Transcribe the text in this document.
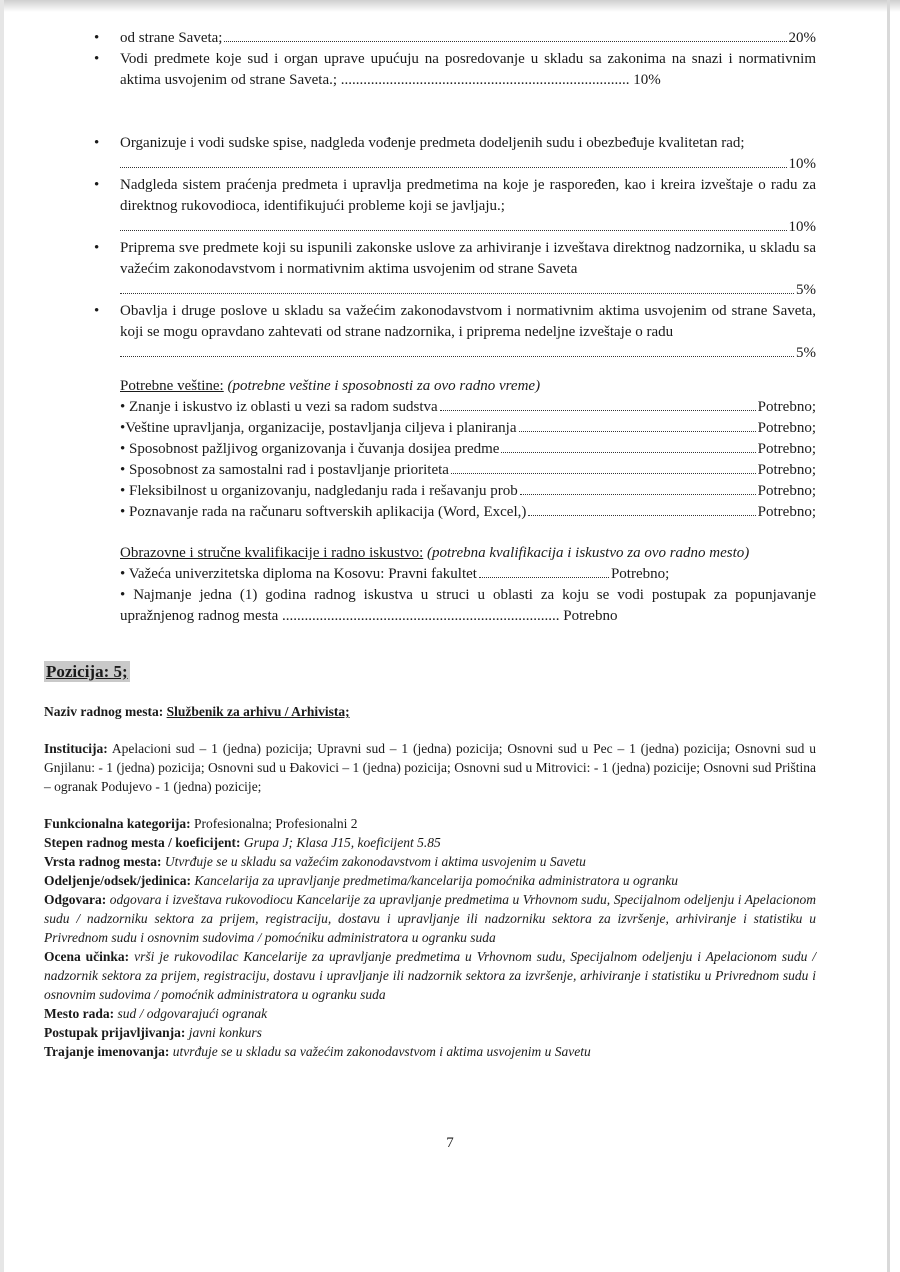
• od strane Saveta;	20%
• Vodi predmete koje sud i organ uprave upućuju na posredovanje u skladu sa zakonima na snazi i normativnim aktima usvojenim od strane Saveta.; ............................................................................. 10%
• Organizuje i vodi sudske spise, nadgleda vođenje predmeta dodeljenih sudu i obezbeđuje kvalitetan rad;
10%
• Nadgleda sistem praćenja predmeta i upravlja predmetima na koje je raspoređen, kao i kreira izveštaje o radu za direktnog rukovodioca, identifikujući probleme koji se javljaju.;
10%
• Priprema sve predmete koji su ispunili zakonske uslove za arhiviranje i izveštava direktnog nadzornika, u skladu sa važećim zakonodavstvom i normativnim aktima usvojenim od strane Saveta
5%
• Obavlja i druge poslove u skladu sa važećim zakonodavstvom i normativnim aktima usvojenim od strane Saveta, koji se mogu opravdano zahtevati od strane nadzornika, i priprema nedeljne izveštaje o radu
5%
Potrebne veštine: (potrebne veštine i sposobnosti za ovo radno vreme)
• Znanje i iskustvo iz oblasti u vezi sa radom sudstva	Potrebno;
•Veštine upravljanja, organizacije, postavljanja ciljeva i planiranja	Potrebno;
• Sposobnost pažljivog organizovanja i čuvanja dosijea predme	Potrebno;
• Sposobnost za samostalni rad i postavljanje prioriteta	Potrebno;
• Fleksibilnost u organizovanju, nadgledanju rada i rešavanju prob	Potrebno;
• Poznavanje rada na računaru softverskih aplikacija (Word, Excel,)	Potrebno;
Obrazovne i stručne kvalifikacije i radno iskustvo: (potrebna kvalifikacija i iskustvo za ovo radno mesto)
• Važeća univerzitetska diploma na Kosovu: Pravni fakultet	Potrebno;
• Najmanje jedna (1) godina radnog iskustva u struci u oblasti za koju se vodi postupak za popunjavanje upražnjenog radnog mesta .......................................................................... Potrebno
Pozicija: 5;
Naziv radnog mesta: Službenik za arhivu / Arhivista;
Institucija: Apelacioni sud – 1 (jedna) pozicija; Upravni sud – 1 (jedna) pozicija; Osnovni sud u Pec – 1 (jedna) pozicija; Osnovni sud u Gnjilanu: - 1 (jedna) pozicija; Osnovni sud u Đakovici – 1 (jedna) pozicija; Osnovni sud u Mitrovici: - 1 (jedna) pozicije; Osnovni sud Priština – ogranak Podujevo - 1 (jedna) pozicije;
Funkcionalna kategorija: Profesionalna; Profesionalni 2
Stepen radnog mesta / koeficijent: Grupa J; Klasa J15, koeficijent 5.85
Vrsta radnog mesta: Utvrđuje se u skladu sa važećim zakonodavstvom i aktima usvojenim u Savetu
Odeljenje/odsek/jedinica: Kancelarija za upravljanje predmetima/kancelarija pomoćnika administratora u ogranku
Odgovara: odgovara i izveštava rukovodiocu Kancelarije za upravljanje predmetima u Vrhovnom sudu, Specijalnom odeljenju i Apelacionom sudu / nadzorniku sektora za prijem, registraciju, dostavu i upravljanje ili nadzorniku sektora za izvršenje, arhiviranje i statistiku u Privrednom sudu i osnovnim sudovima / pomoćniku administratora u ogranku suda
Ocena učinka: vrši je rukovodilac Kancelarije za upravljanje predmetima u Vrhovnom sudu, Specijalnom odeljenju i Apelacionom sudu / nadzornik sektora za prijem, registraciju, dostavu i upravljanje ili nadzornik sektora za izvršenje, arhiviranje i statistiku u Privrednom sudu i osnovnim sudovima / pomoćnik administratora u ogranku suda
Mesto rada: sud / odgovarajući ogranak
Postupak prijavljivanja: javni konkurs
Trajanje imenovanja: utvrđuje se u skladu sa važećim zakonodavstvom i aktima usvojenim u Savetu
7
